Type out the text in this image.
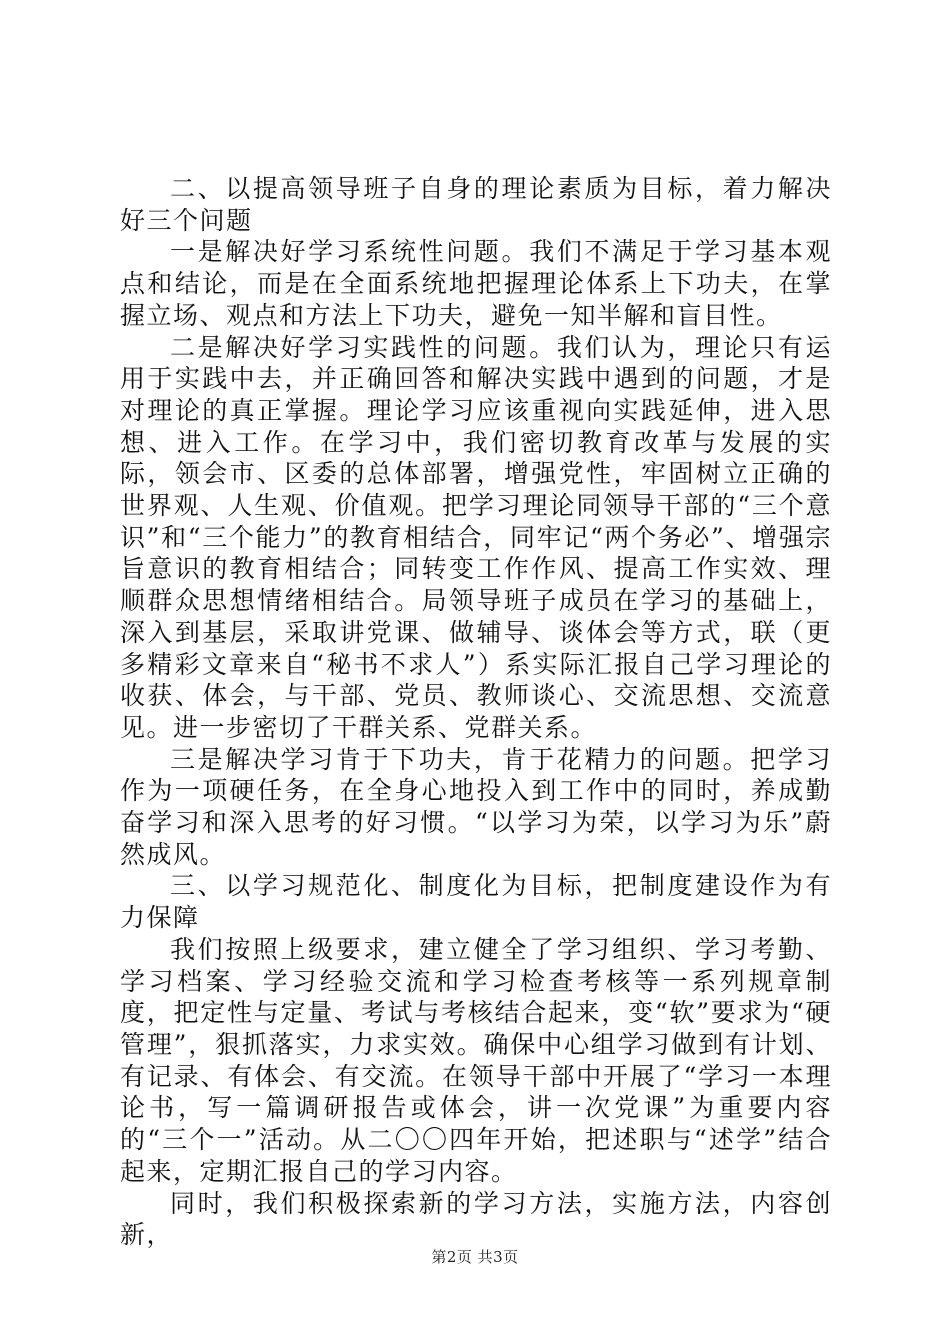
二、以提高领导班子自身的理论素质为目标，着力解决好三个问题

一是解决好学习系统性问题。我们不满足于学习基本观点和结论，而是在全面系统地把握理论体系上下功夫，在掌握立场、观点和方法上下功夫，避免一知半解和盲目性。

二是解决好学习实践性的问题。我们认为，理论只有运用于实践中去，并正确回答和解决实践中遇到的问题，才是对理论的真正掌握。理论学习应该重视向实践延伸，进入思想、进入工作。在学习中，我们密切教育改革与发展的实际，领会市、区委的总体部署，增强党性，牢固树立正确的世界观、人生观、价值观。把学习理论同领导干部的“三个意识”和“三个能力”的教育相结合，同牢记“两个务必”、增强宗旨意识的教育相结合；同转变工作作风、提高工作实效、理顺群众思想情绪相结合。局领导班子成员在学习的基础上，深入到基层，采取讲党课、做辅导、谈体会等方式，联（更多精彩文章来自“秘书不求人”）系实际汇报自己学习理论的收获、体会，与干部、党员、教师谈心、交流思想、交流意见。进一步密切了干群关系、党群关系。

三是解决学习肯于下功夫，肯于花精力的问题。把学习作为一项硬任务，在全身心地投入到工作中的同时，养成勤奋学习和深入思考的好习惯。“以学习为荣，以学习为乐”蔚然成风。

三、以学习规范化、制度化为目标，把制度建设作为有力保障

我们按照上级要求，建立健全了学习组织、学习考勤、学习档案、学习经验交流和学习检查考核等一系列规章制度，把定性与定量、考试与考核结合起来，变“软”要求为“硬管理”，狠抓落实，力求实效。确保中心组学习做到有计划、有记录、有体会、有交流。在领导干部中开展了“学习一本理论书，写一篇调研报告或体会，讲一次党课”为重要内容的“三个一”活动。从二〇〇四年开始，把述职与“述学”结合起来，定期汇报自己的学习内容。

同时，我们积极探索新的学习方法，实施方法，内容创新，

第2页 共3页
